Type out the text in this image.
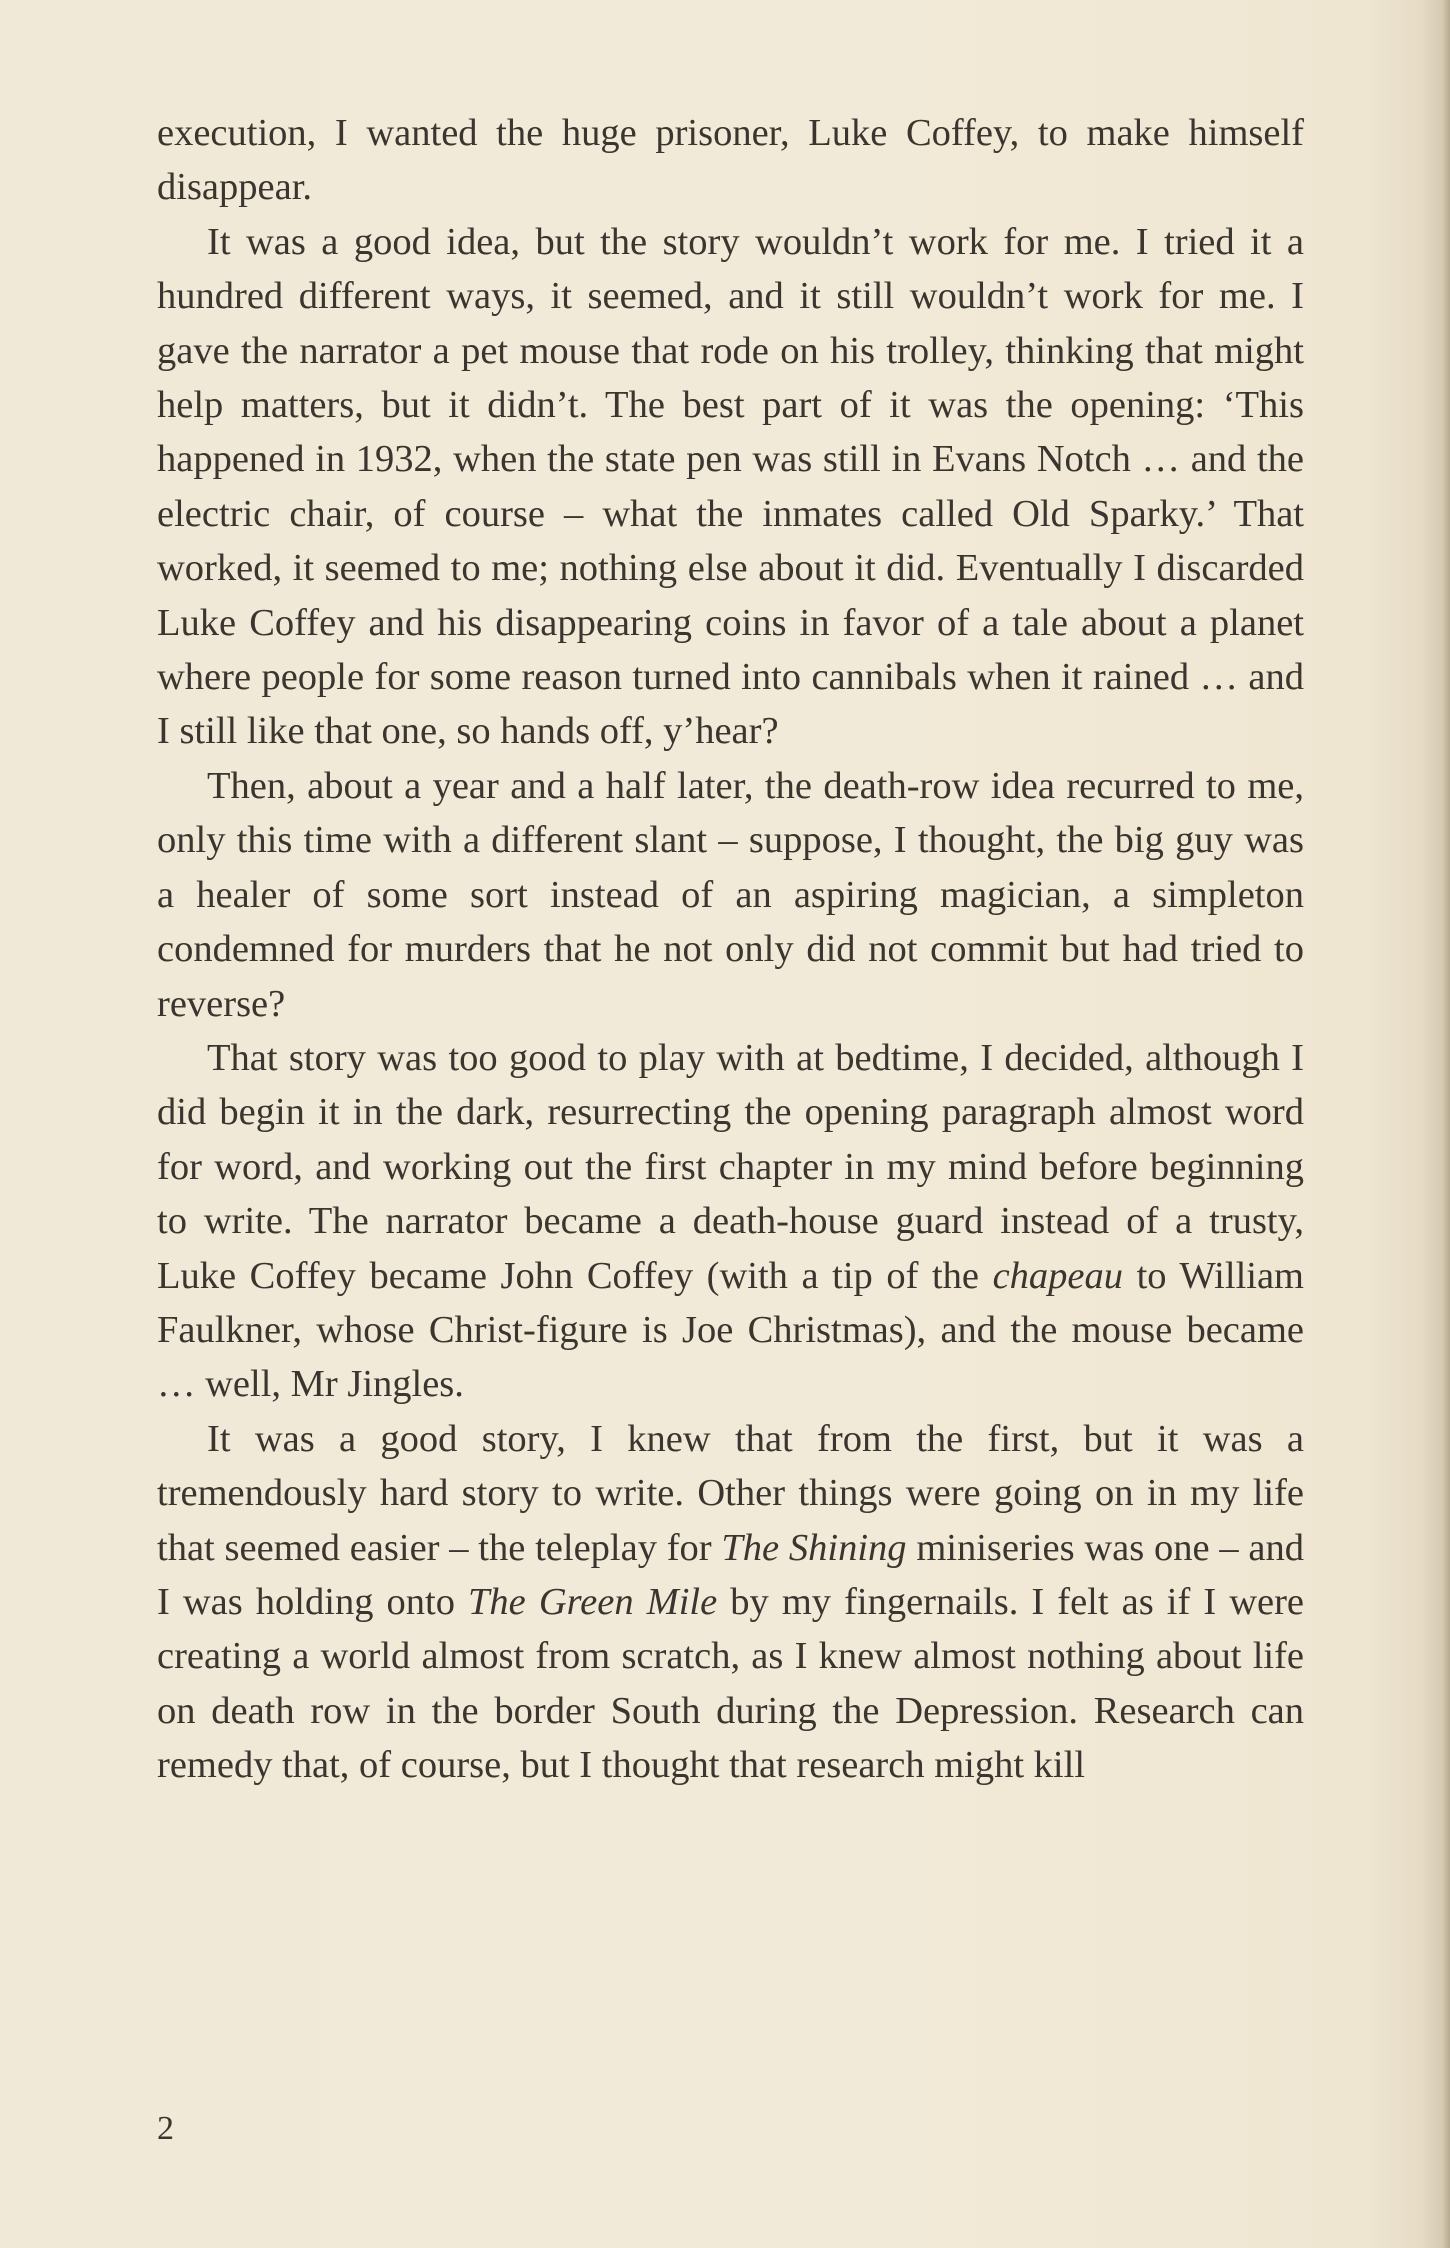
execution, I wanted the huge prisoner, Luke Coffey, to make himself disappear.

It was a good idea, but the story wouldn’t work for me. I tried it a hundred different ways, it seemed, and it still wouldn’t work for me. I gave the narrator a pet mouse that rode on his trolley, thinking that might help matters, but it didn’t. The best part of it was the opening: ‘This happened in 1932, when the state pen was still in Evans Notch … and the electric chair, of course – what the inmates called Old Sparky.’ That worked, it seemed to me; nothing else about it did. Eventually I discarded Luke Coffey and his disappearing coins in favor of a tale about a planet where people for some reason turned into cannibals when it rained … and I still like that one, so hands off, y’hear?

Then, about a year and a half later, the death-row idea recurred to me, only this time with a different slant – suppose, I thought, the big guy was a healer of some sort instead of an aspiring magician, a simpleton condemned for murders that he not only did not commit but had tried to reverse?

That story was too good to play with at bedtime, I decided, although I did begin it in the dark, resurrecting the opening paragraph almost word for word, and working out the first chapter in my mind before beginning to write. The narrator became a death-house guard instead of a trusty, Luke Coffey became John Coffey (with a tip of the chapeau to William Faulkner, whose Christ-figure is Joe Christmas), and the mouse became … well, Mr Jingles.

It was a good story, I knew that from the first, but it was a tremendously hard story to write. Other things were going on in my life that seemed easier – the teleplay for The Shining miniseries was one – and I was holding onto The Green Mile by my fingernails. I felt as if I were creating a world almost from scratch, as I knew almost nothing about life on death row in the border South during the Depression. Research can remedy that, of course, but I thought that research might kill

2
